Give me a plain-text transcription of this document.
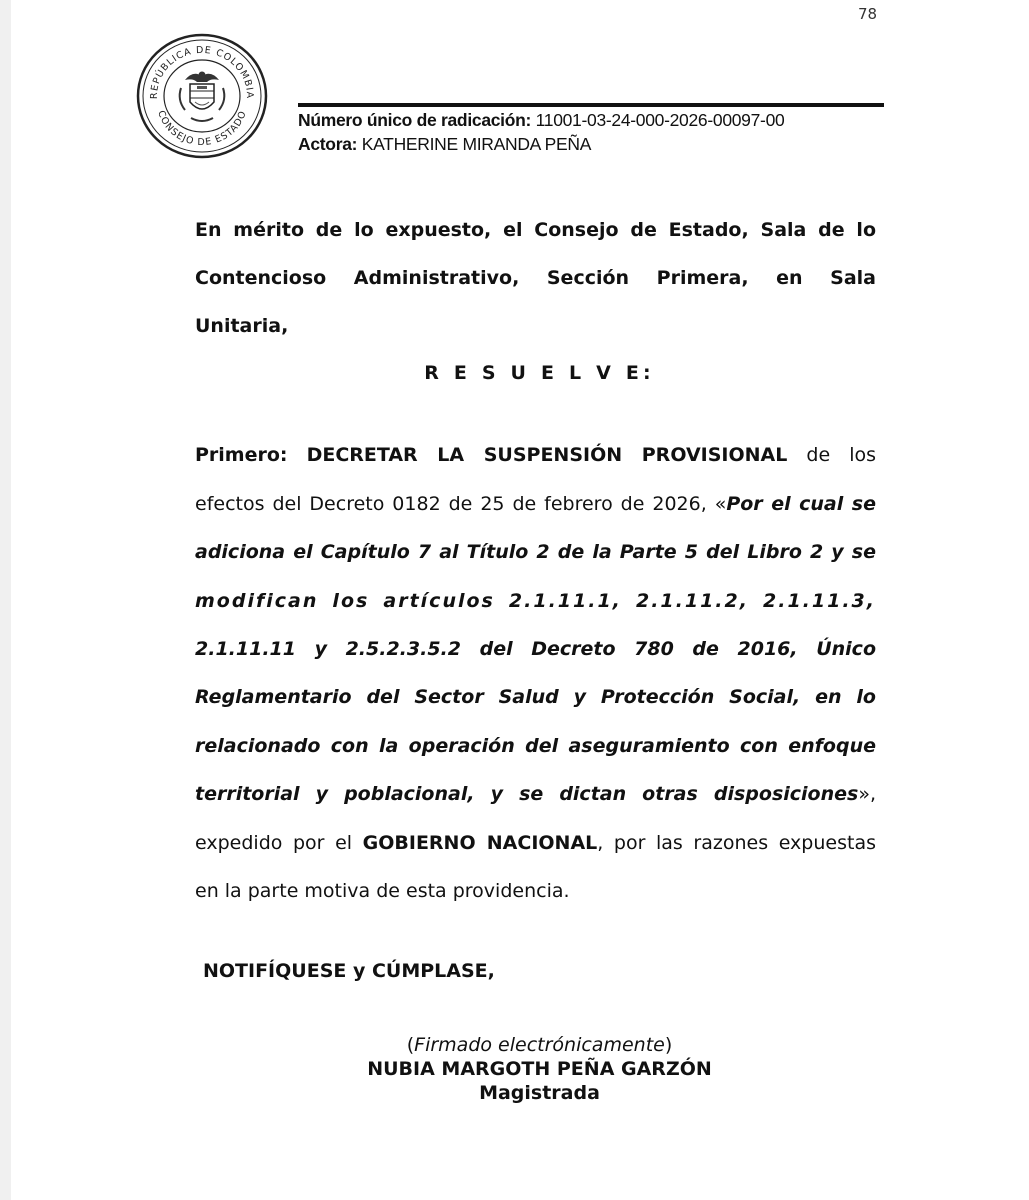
78
REPÚBLICA DE COLOMBIA
CONSEJO DE ESTADO	Número único de radicación: 11001-03-24-000-2026-00097-00
Actora: KATHERINE MIRANDA PEÑA
En mérito de lo expuesto, el Consejo de Estado, Sala de lo
Contencioso Administrativo, Sección Primera, en Sala
Unitaria,
R E S U E L V E:
Primero: DECRETAR LA SUSPENSIÓN PROVISIONAL de los
efectos del Decreto 0182 de 25 de febrero de 2026, «Por el cual se
adiciona el Capítulo 7 al Título 2 de la Parte 5 del Libro 2 y se
modifican los artículos 2.1.11.1, 2.1.11.2, 2.1.11.3,
2.1.11.11 y 2.5.2.3.5.2 del Decreto 780 de 2016, Único
Reglamentario del Sector Salud y Protección Social, en lo
relacionado con la operación del aseguramiento con enfoque
territorial y poblacional, y se dictan otras disposiciones»,
expedido por el GOBIERNO NACIONAL, por las razones expuestas
en la parte motiva de esta providencia.
NOTIFÍQUESE y CÚMPLASE,
(Firmado electrónicamente)
NUBIA MARGOTH PEÑA GARZÓN
Magistrada
